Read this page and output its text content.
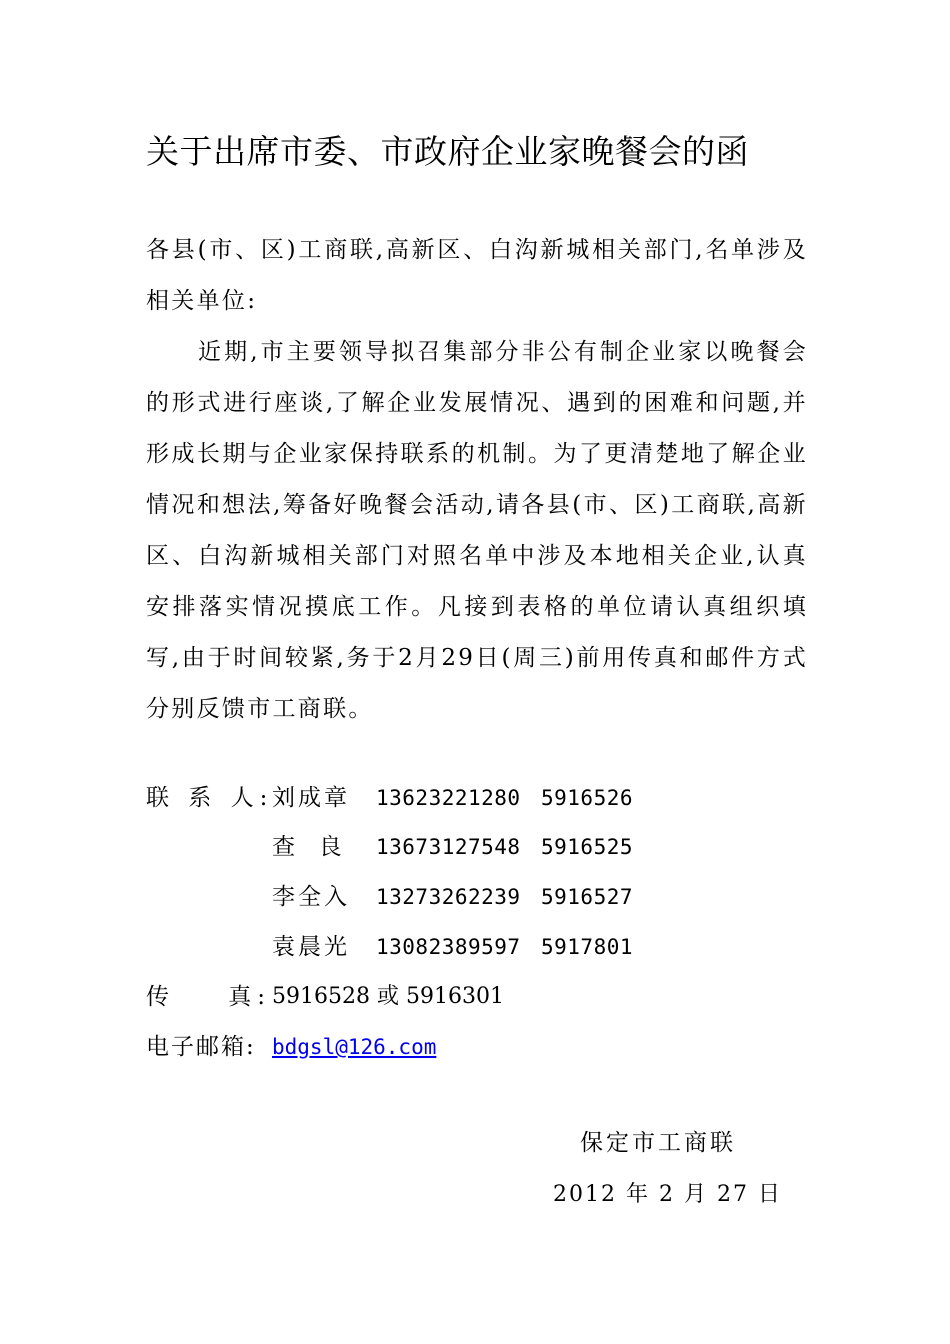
关于出席市委、市政府企业家晚餐会的函
各县(市、区)工商联,高新区、白沟新城相关部门,名单涉及相关单位:
近期,市主要领导拟召集部分非公有制企业家以晚餐会的形式进行座谈,了解企业发展情况、遇到的困难和问题,并形成长期与企业家保持联系的机制。为了更清楚地了解企业情况和想法,筹备好晚餐会活动,请各县(市、区)工商联,高新区、白沟新城相关部门对照名单中涉及本地相关企业,认真安排落实情况摸底工作。凡接到表格的单位请认真组织填写,由于时间较紧,务于2月29日(周三)前用传真和邮件方式分别反馈市工商联。
联 系 人:
刘成章	13623221280 5916526
查  良	13673127548 5916525
李全入	13273262239 5916527
袁晨光	13082389597 5917801
传    真: 5916528 或 5916301
电子邮箱: bdgsl@126.com
保定市工商联
2012 年 2 月 27 日
